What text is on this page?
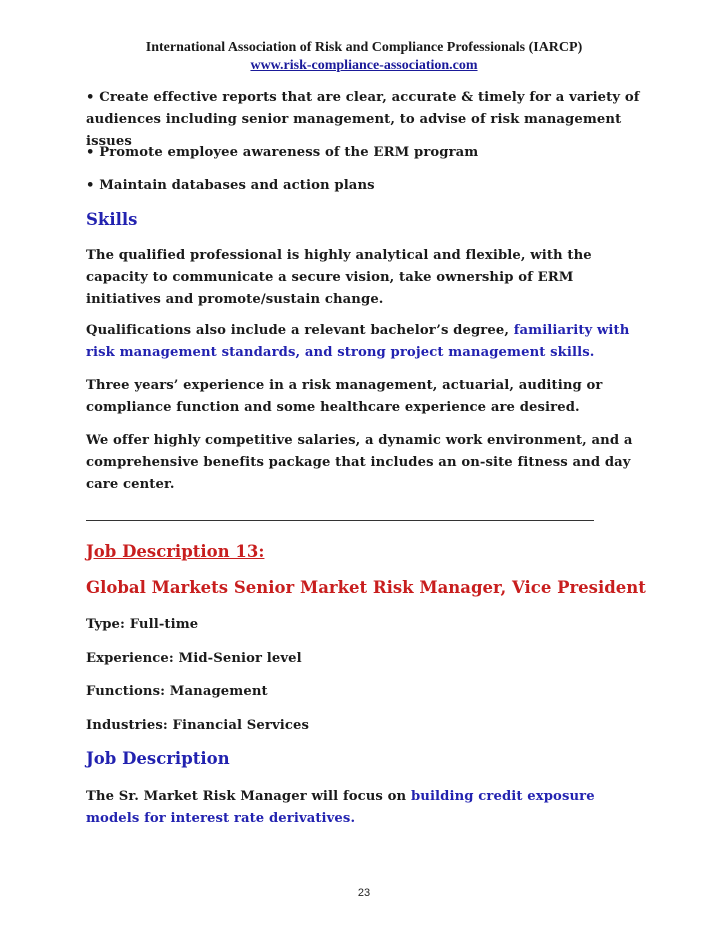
International Association of Risk and Compliance Professionals (IARCP)
www.risk-compliance-association.com

• Create effective reports that are clear, accurate & timely for a variety of audiences including senior management, to advise of risk management issues

• Promote employee awareness of the ERM program

• Maintain databases and action plans

Skills

The qualified professional is highly analytical and flexible, with the capacity to communicate a secure vision, take ownership of ERM initiatives and promote/sustain change.

Qualifications also include a relevant bachelor’s degree, familiarity with risk management standards, and strong project management skills.

Three years’ experience in a risk management, actuarial, auditing or compliance function and some healthcare experience are desired.

We offer highly competitive salaries, a dynamic work environment, and a comprehensive benefits package that includes an on-site fitness and day care center.

Job Description 13:
Global Markets Senior Market Risk Manager, Vice President

Type: Full-time

Experience: Mid-Senior level

Functions: Management

Industries: Financial Services

Job Description

The Sr. Market Risk Manager will focus on building credit exposure models for interest rate derivatives.

23
